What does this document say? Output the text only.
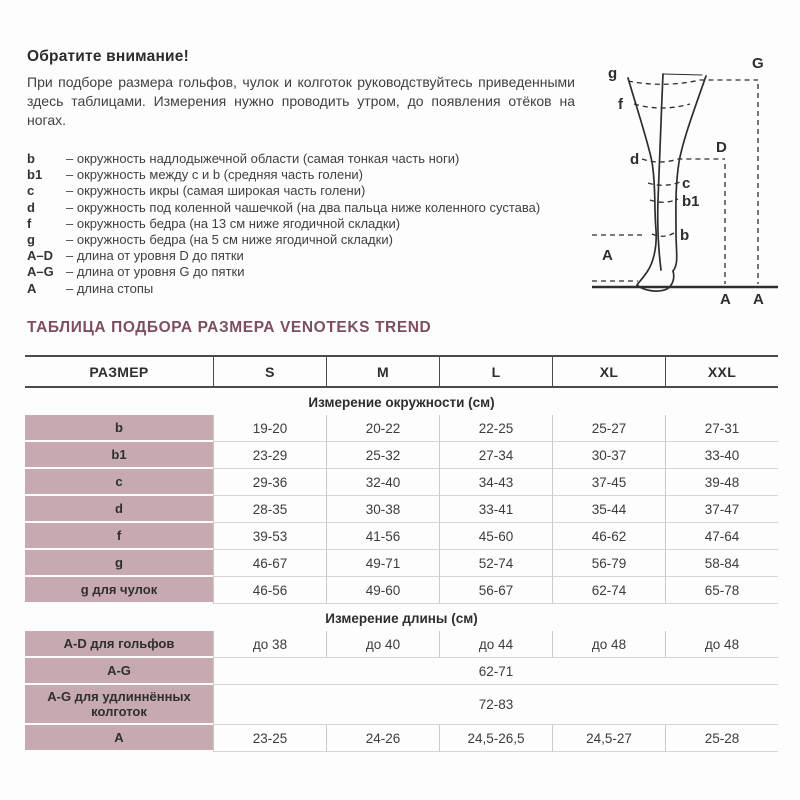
Обратите внимание!

При подборе размера гольфов, чулок и колготок руководствуйтесь приведенными здесь таблицами. Измерения нужно проводить утром, до появления отёков на ногах.

b	– окружность надлодыжечной области (самая тонкая часть ноги)
b1	– окружность между c и b (средняя часть голени)
c	– окружность икры (самая широкая часть голени)
d	– окружность под коленной чашечкой (на два пальца ниже коленного сустава)
f	– окружность бедра (на 13 см ниже ягодичной складки)
g	– окружность бедра (на 5 см ниже ягодичной складки)
A–D – длина от уровня D до пятки
A–G – длина от уровня G до пятки
A	– длина стопы
g
G
f
d
D
c
b1
b
A
A A
ТАБЛИЦА ПОДБОРА РАЗМЕРА VENOTEKS TREND
РАЗМЕР	S	M	L	XL	XXL
Измерение окружности (см)					
b	19-20	20-22	22-25	25-27	27-31
b1	23-29	25-32	27-34	30-37	33-40
c	29-36	32-40	34-43	37-45	39-48
d	28-35	30-38	33-41	35-44	37-47
f	39-53	41-56	45-60	46-62	47-64
g	46-67	49-71	52-74	56-79	58-84
g для чулок	46-56	49-60	56-67	62-74	65-78
Измерение длины (см)					
A-D для гольфов	до 38	до 40	до 44	до 48	до 48
A-G	62-71				
A-G для удлиннённых колготок	72-83				
A	23-25	24-26	24,5-26,5	24,5-27	25-28
